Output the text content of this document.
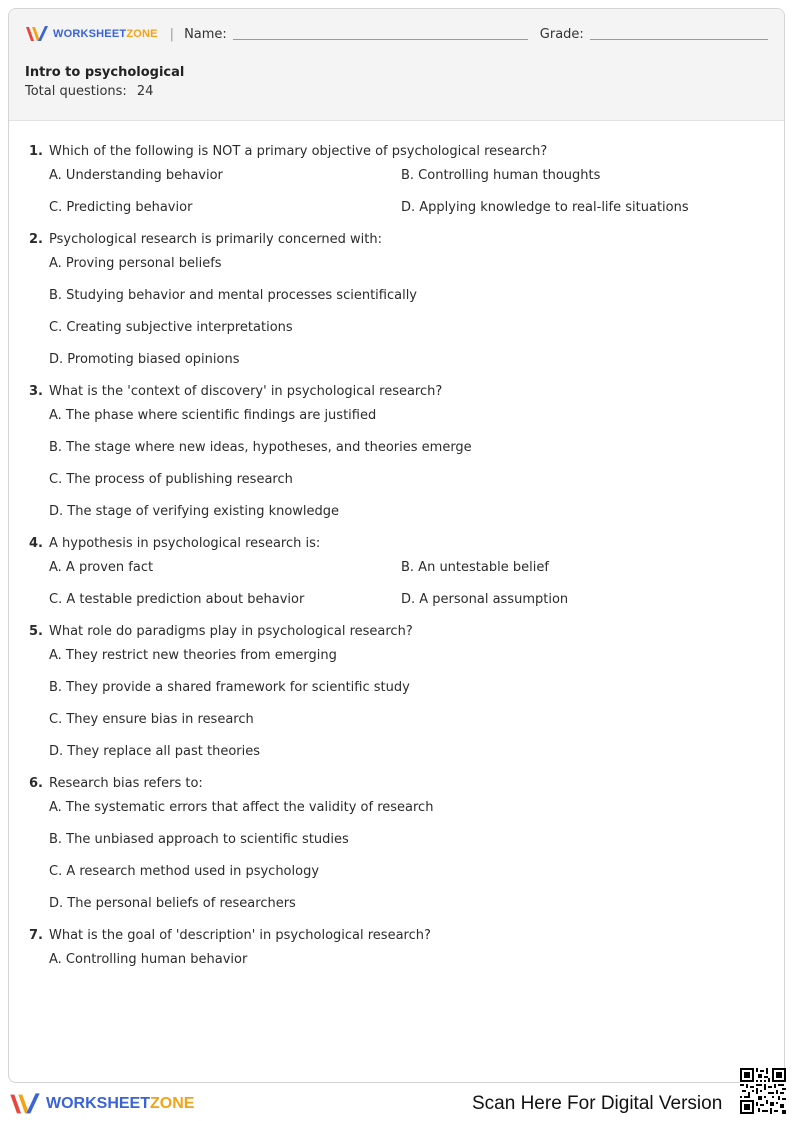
WORKSHEETZONE | Name:	Grade:
Intro to psychological
Total questions: 24
1. Which of the following is NOT a primary objective of psychological research?
A. Understanding behavior	B. Controlling human thoughts
C. Predicting behavior	D. Applying knowledge to real-life situations
2. Psychological research is primarily concerned with:
A. Proving personal beliefs
B. Studying behavior and mental processes scientifically
C. Creating subjective interpretations
D. Promoting biased opinions
3. What is the 'context of discovery' in psychological research?
A. The phase where scientific findings are justified
B. The stage where new ideas, hypotheses, and theories emerge
C. The process of publishing research
D. The stage of verifying existing knowledge
4. A hypothesis in psychological research is:
A. A proven fact	B. An untestable belief
C. A testable prediction about behavior	D. A personal assumption
5. What role do paradigms play in psychological research?
A. They restrict new theories from emerging
B. They provide a shared framework for scientific study
C. They ensure bias in research
D. They replace all past theories
6. Research bias refers to:
A. The systematic errors that affect the validity of research
B. The unbiased approach to scientific studies
C. A research method used in psychology
D. The personal beliefs of researchers
7. What is the goal of 'description' in psychological research?
A. Controlling human behavior
WORKSHEETZONE	Scan Here For Digital Version
